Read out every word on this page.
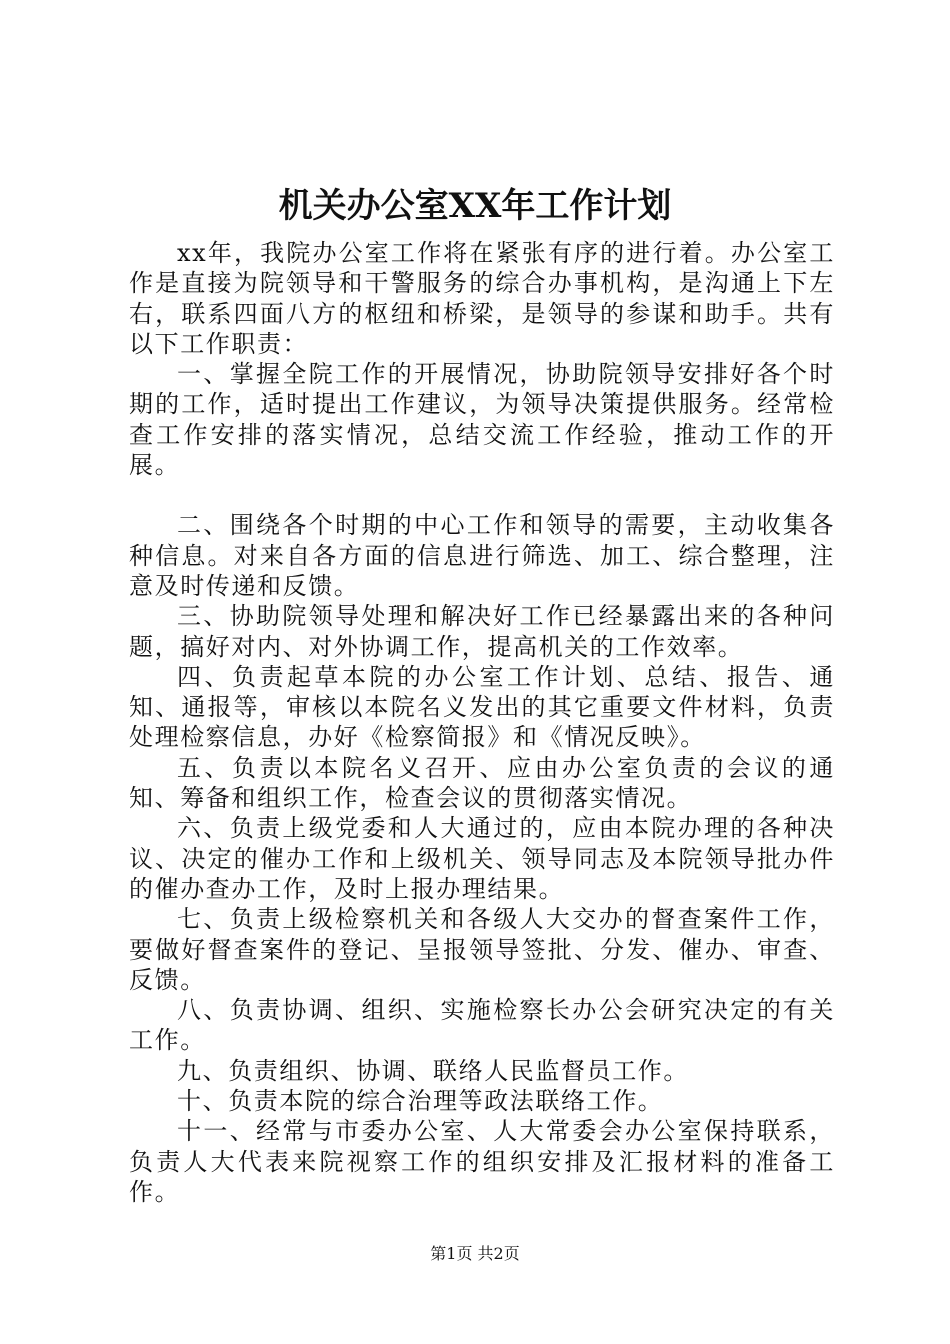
机关办公室XX年工作计划

xx年，我院办公室工作将在紧张有序的进行着。办公室工作是直接为院领导和干警服务的综合办事机构，是沟通上下左右，联系四面八方的枢纽和桥梁，是领导的参谋和助手。共有以下工作职责：

一、掌握全院工作的开展情况，协助院领导安排好各个时期的工作，适时提出工作建议，为领导决策提供服务。经常检查工作安排的落实情况，总结交流工作经验，推动工作的开展。

二、围绕各个时期的中心工作和领导的需要，主动收集各种信息。对来自各方面的信息进行筛选、加工、综合整理，注意及时传递和反馈。

三、协助院领导处理和解决好工作已经暴露出来的各种问题，搞好对内、对外协调工作，提高机关的工作效率。

四、负责起草本院的办公室工作计划、总结、报告、通知、通报等，审核以本院名义发出的其它重要文件材料，负责处理检察信息，办好《检察简报》和《情况反映》。

五、负责以本院名义召开、应由办公室负责的会议的通知、筹备和组织工作，检查会议的贯彻落实情况。

六、负责上级党委和人大通过的，应由本院办理的各种决议、决定的催办工作和上级机关、领导同志及本院领导批办件的催办查办工作，及时上报办理结果。

七、负责上级检察机关和各级人大交办的督查案件工作，要做好督查案件的登记、呈报领导签批、分发、催办、审查、反馈。

八、负责协调、组织、实施检察长办公会研究决定的有关工作。

九、负责组织、协调、联络人民监督员工作。

十、负责本院的综合治理等政法联络工作。

十一、经常与市委办公室、人大常委会办公室保持联系，负责人大代表来院视察工作的组织安排及汇报材料的准备工作。

第1页 共2页
